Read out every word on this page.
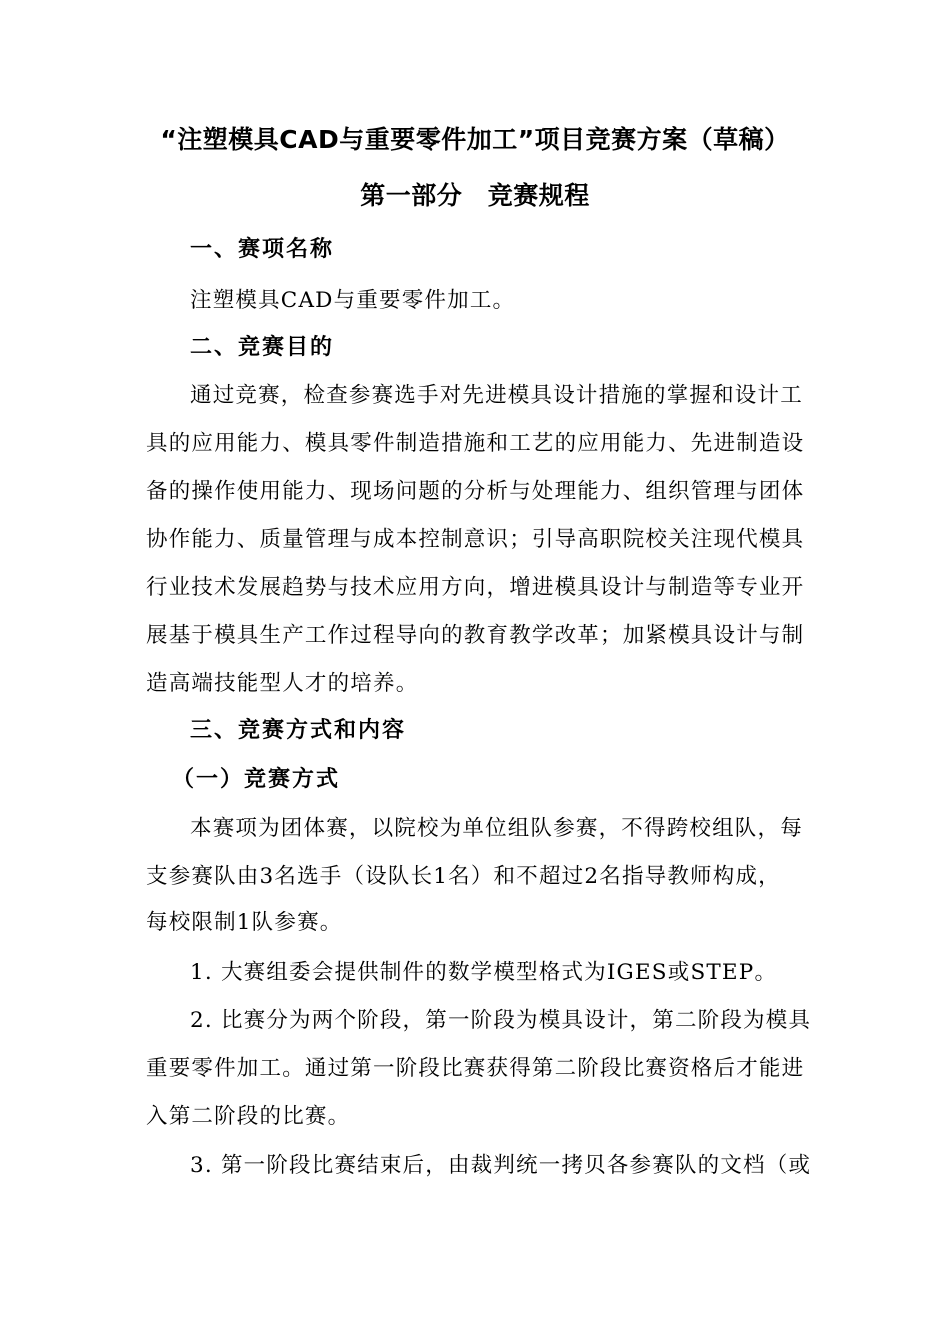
“注塑模具CAD与重要零件加工”项目竞赛方案（草稿）
第一部分　竞赛规程
一、赛项名称
注塑模具CAD与重要零件加工。
二、竞赛目的
通过竞赛，检查参赛选手对先进模具设计措施的掌握和设计工
具的应用能力、模具零件制造措施和工艺的应用能力、先进制造设
备的操作使用能力、现场问题的分析与处理能力、组织管理与团体
协作能力、质量管理与成本控制意识；引导高职院校关注现代模具
行业技术发展趋势与技术应用方向，增进模具设计与制造等专业开
展基于模具生产工作过程导向的教育教学改革；加紧模具设计与制
造高端技能型人才的培养。
三、竞赛方式和内容
（一）竞赛方式
本赛项为团体赛，以院校为单位组队参赛，不得跨校组队，每
支参赛队由3名选手（设队长1名）和不超过2名指导教师构成，
每校限制1队参赛。
1. 大赛组委会提供制件的数学模型格式为IGES或STEP。
2. 比赛分为两个阶段，第一阶段为模具设计，第二阶段为模具
重要零件加工。通过第一阶段比赛获得第二阶段比赛资格后才能进
入第二阶段的比赛。
3. 第一阶段比赛结束后，由裁判统一拷贝各参赛队的文档（或
